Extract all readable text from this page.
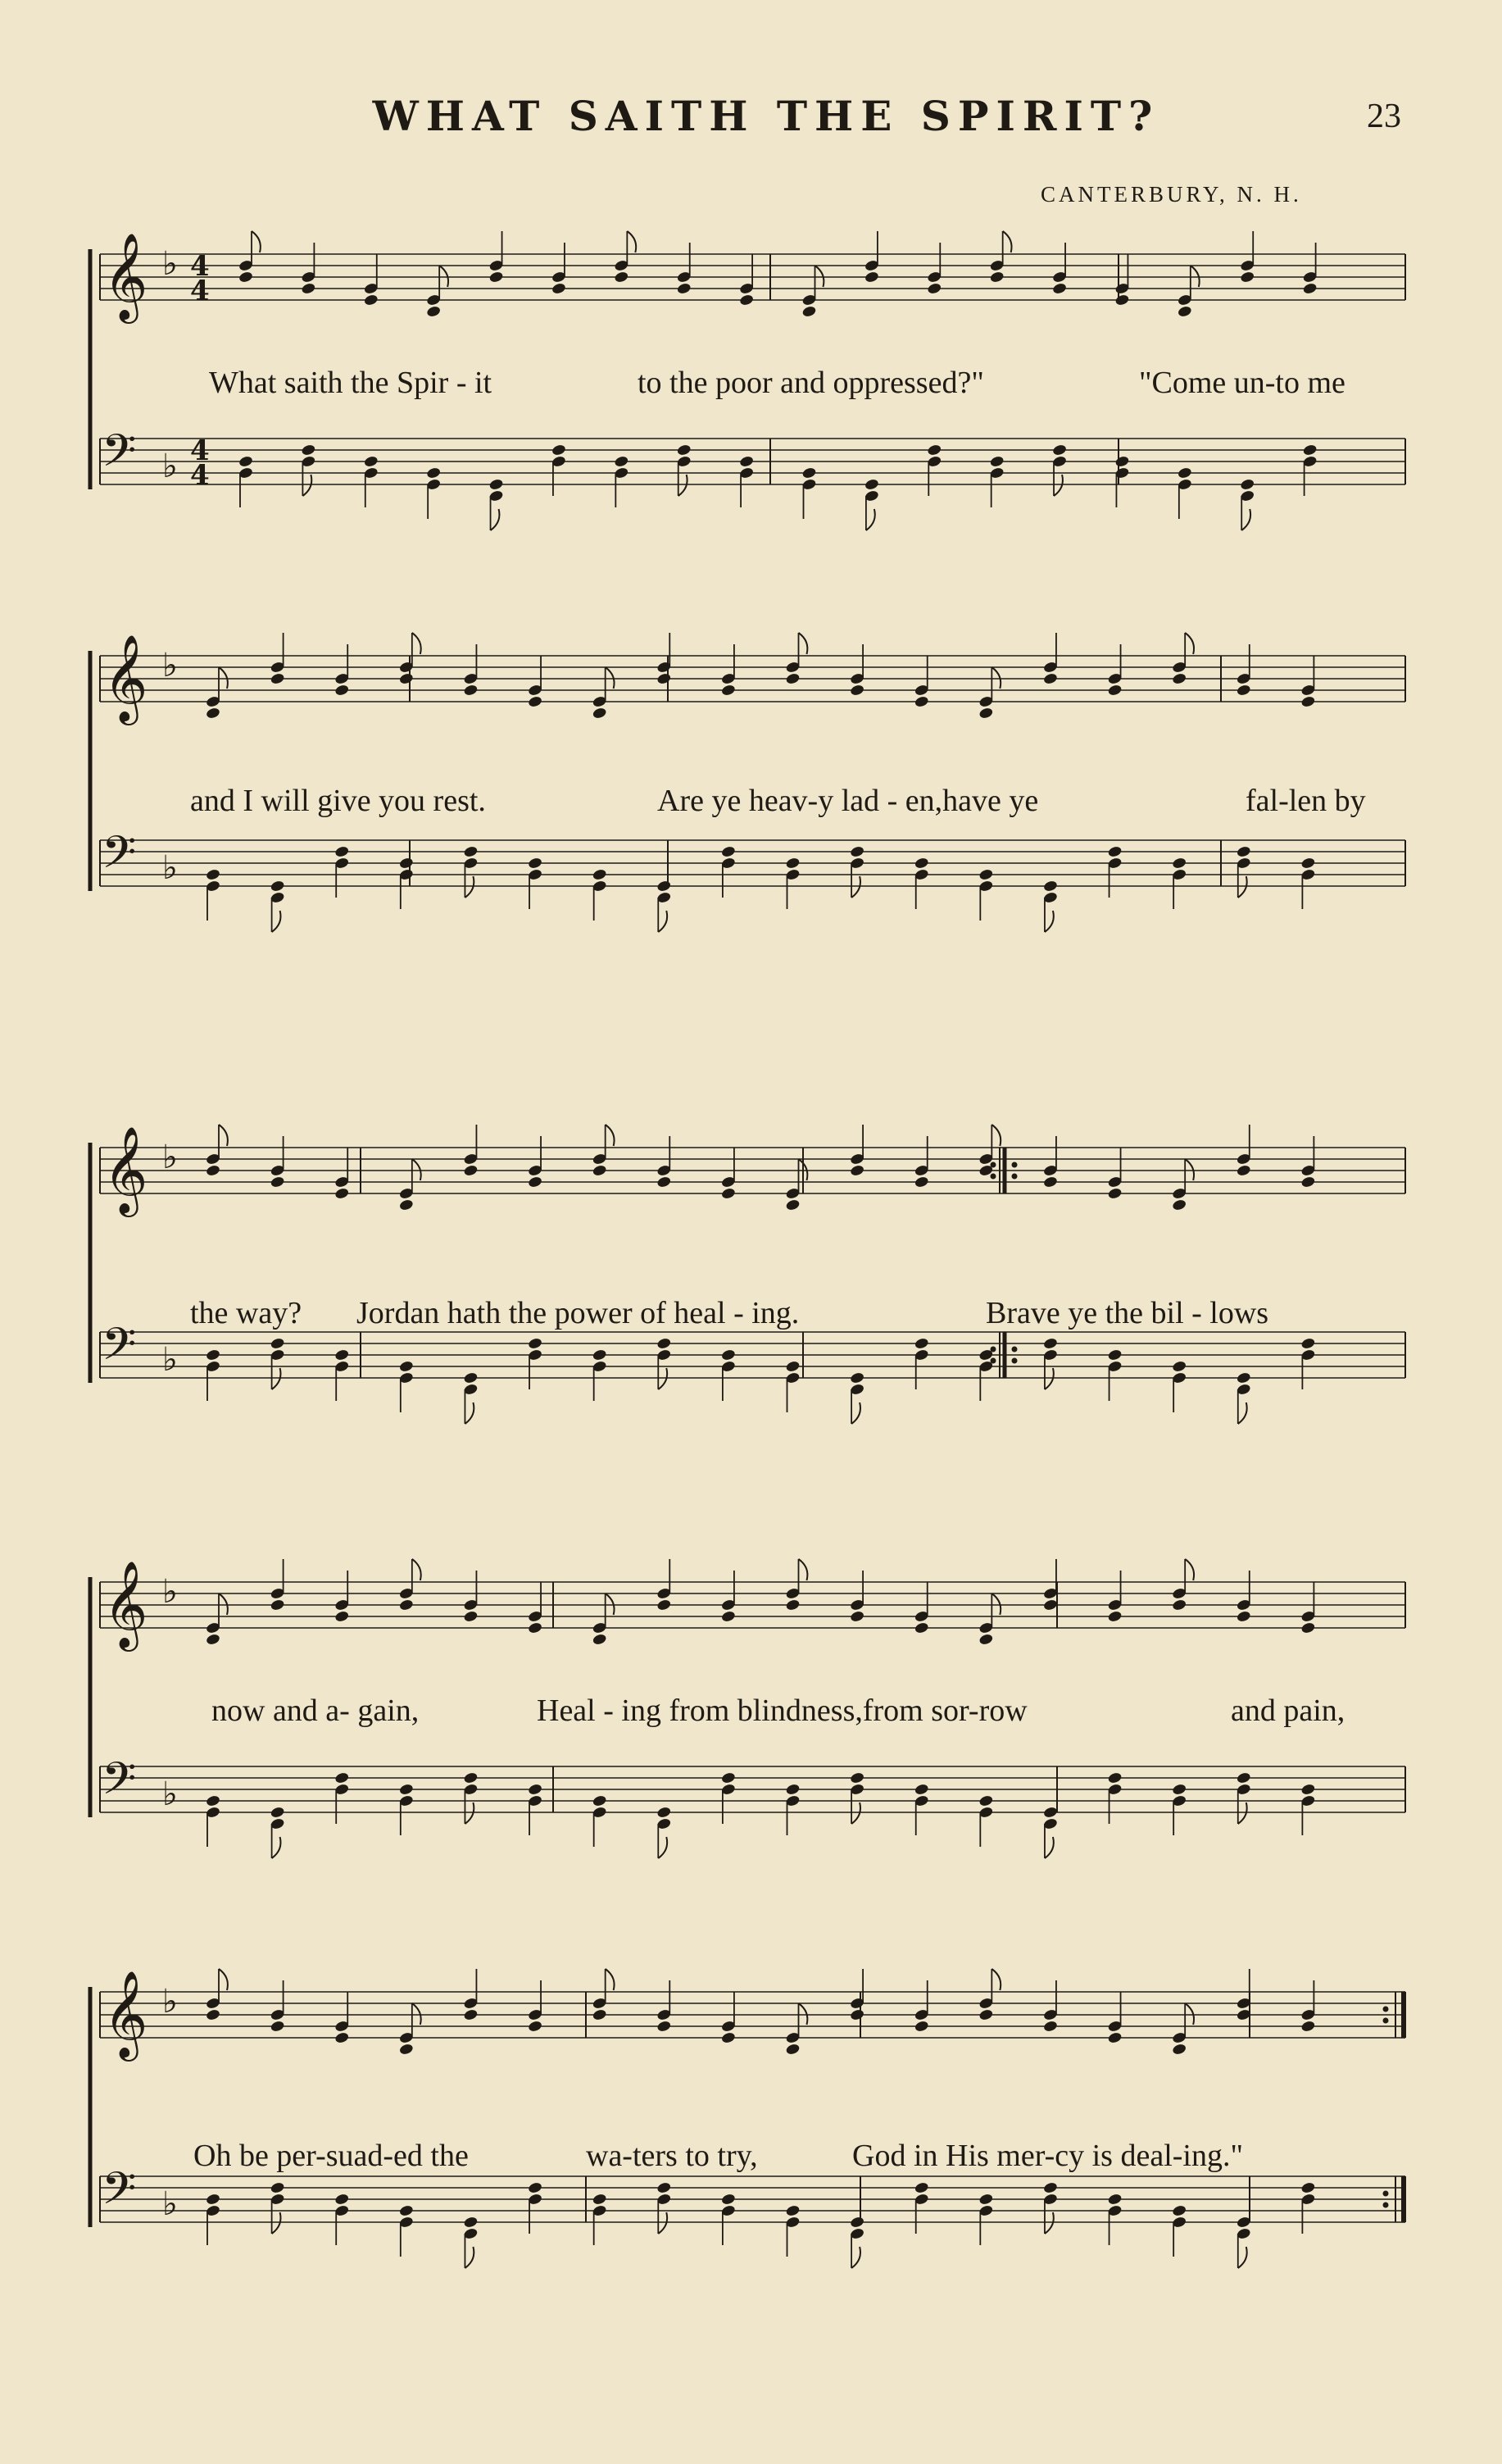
WHAT SAITH THE SPIRIT?	23
CANTERBURY, N. H.
𝄞 ♭ 4
4
𝄢 ♭ 4
4
What saith the Spir - it	to the poor and oppressed?"	"Come un-to me
𝄞 ♭
𝄢 ♭
and I will give you rest.	Are ye heav-y lad - en,have ye	fal-len by
𝄞 ♭
𝄢 ♭
the way? Jordan hath the power of heal - ing.	Brave ye the bil - lows
𝄞 ♭
𝄢 ♭
now and a- gain,	Heal - ing from blindness,from sor-row	and pain,
𝄞 ♭
𝄢 ♭
Oh be per-suad-ed the	wa-ters to try,	God in His mer-cy is deal-ing."
